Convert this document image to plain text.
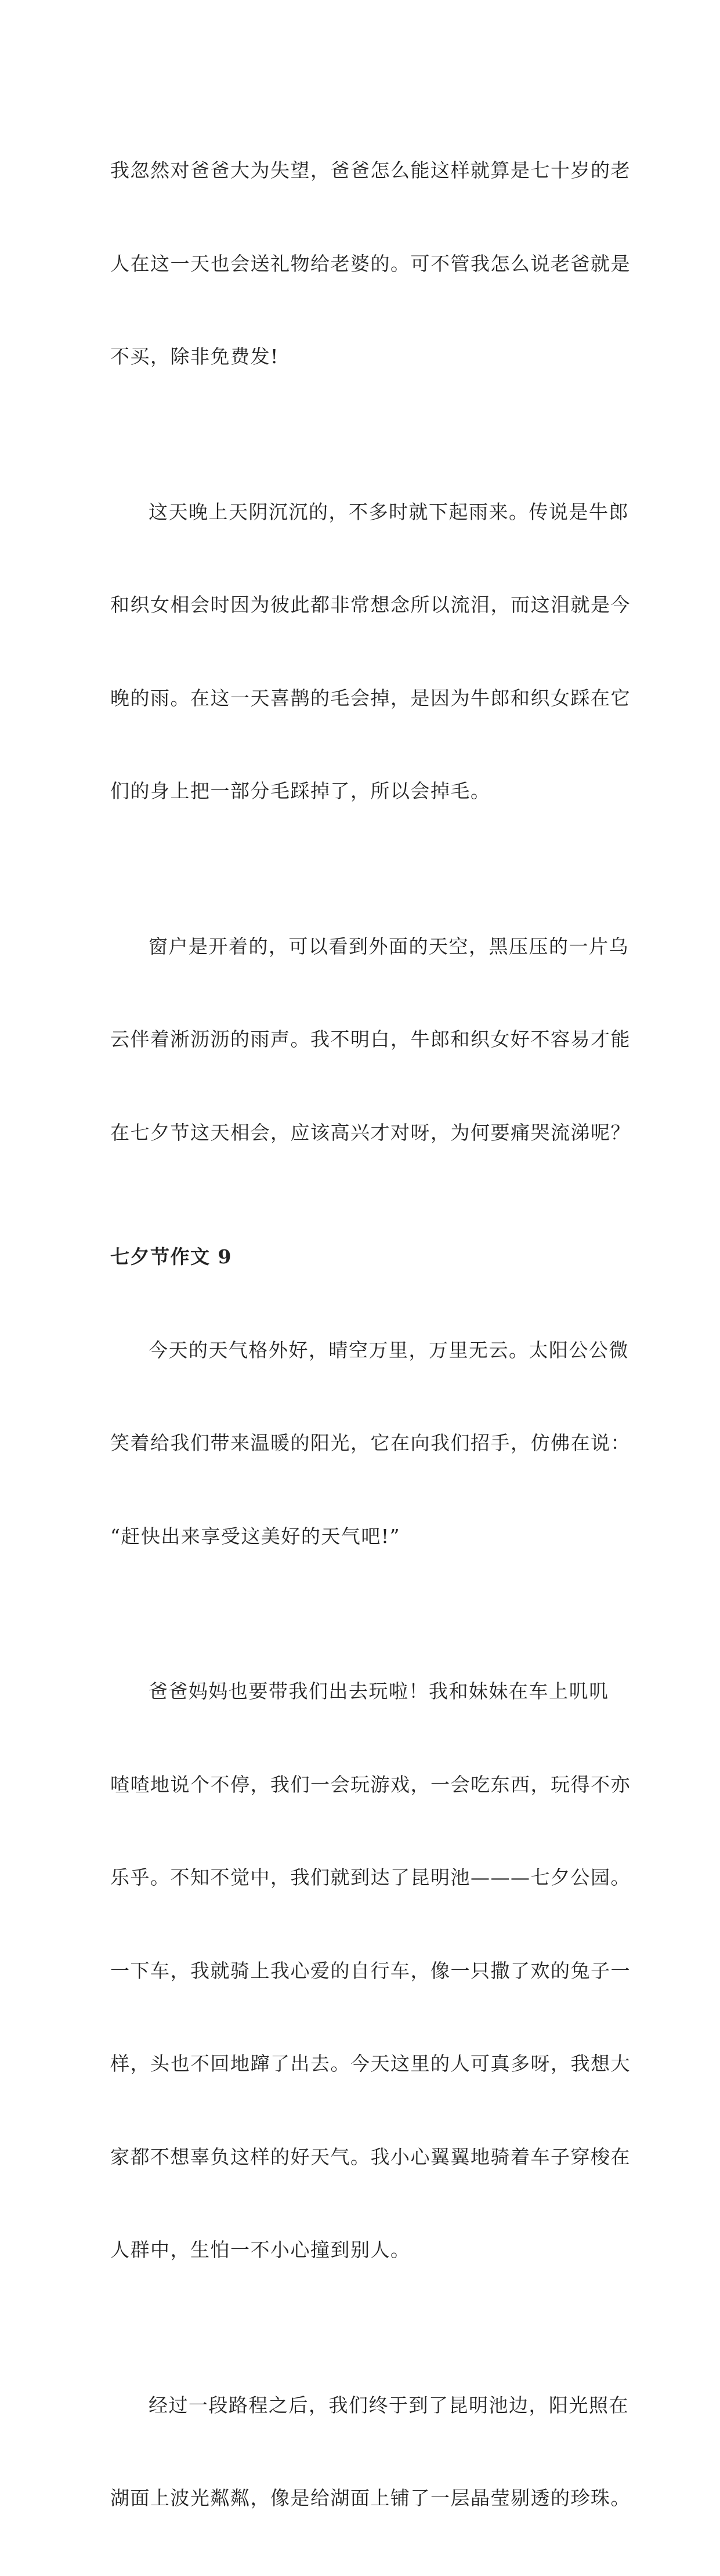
我忽然对爸爸大为失望，爸爸怎么能这样就算是七十岁的老

人在这一天也会送礼物给老婆的。可不管我怎么说老爸就是

不买，除非免费发!

这天晚上天阴沉沉的，不多时就下起雨来。传说是牛郎

和织女相会时因为彼此都非常想念所以流泪，而这泪就是今

晚的雨。在这一天喜鹊的毛会掉，是因为牛郎和织女踩在它

们的身上把一部分毛踩掉了，所以会掉毛。

窗户是开着的，可以看到外面的天空，黑压压的一片乌

云伴着淅沥沥的雨声。我不明白，牛郎和织女好不容易才能

在七夕节这天相会，应该高兴才对呀，为何要痛哭流涕呢？

七夕节作文 9

今天的天气格外好，晴空万里，万里无云。太阳公公微

笑着给我们带来温暖的阳光，它在向我们招手，仿佛在说：

“赶快出来享受这美好的天气吧!”

爸爸妈妈也要带我们出去玩啦！我和妹妹在车上叽叽

喳喳地说个不停，我们一会玩游戏，一会吃东西，玩得不亦

乐乎。不知不觉中，我们就到达了昆明池———七夕公园。

一下车，我就骑上我心爱的自行车，像一只撒了欢的兔子一

样，头也不回地蹿了出去。今天这里的人可真多呀，我想大

家都不想辜负这样的好天气。我小心翼翼地骑着车子穿梭在

人群中，生怕一不小心撞到别人。

经过一段路程之后，我们终于到了昆明池边，阳光照在

湖面上波光粼粼，像是给湖面上铺了一层晶莹剔透的珍珠。
